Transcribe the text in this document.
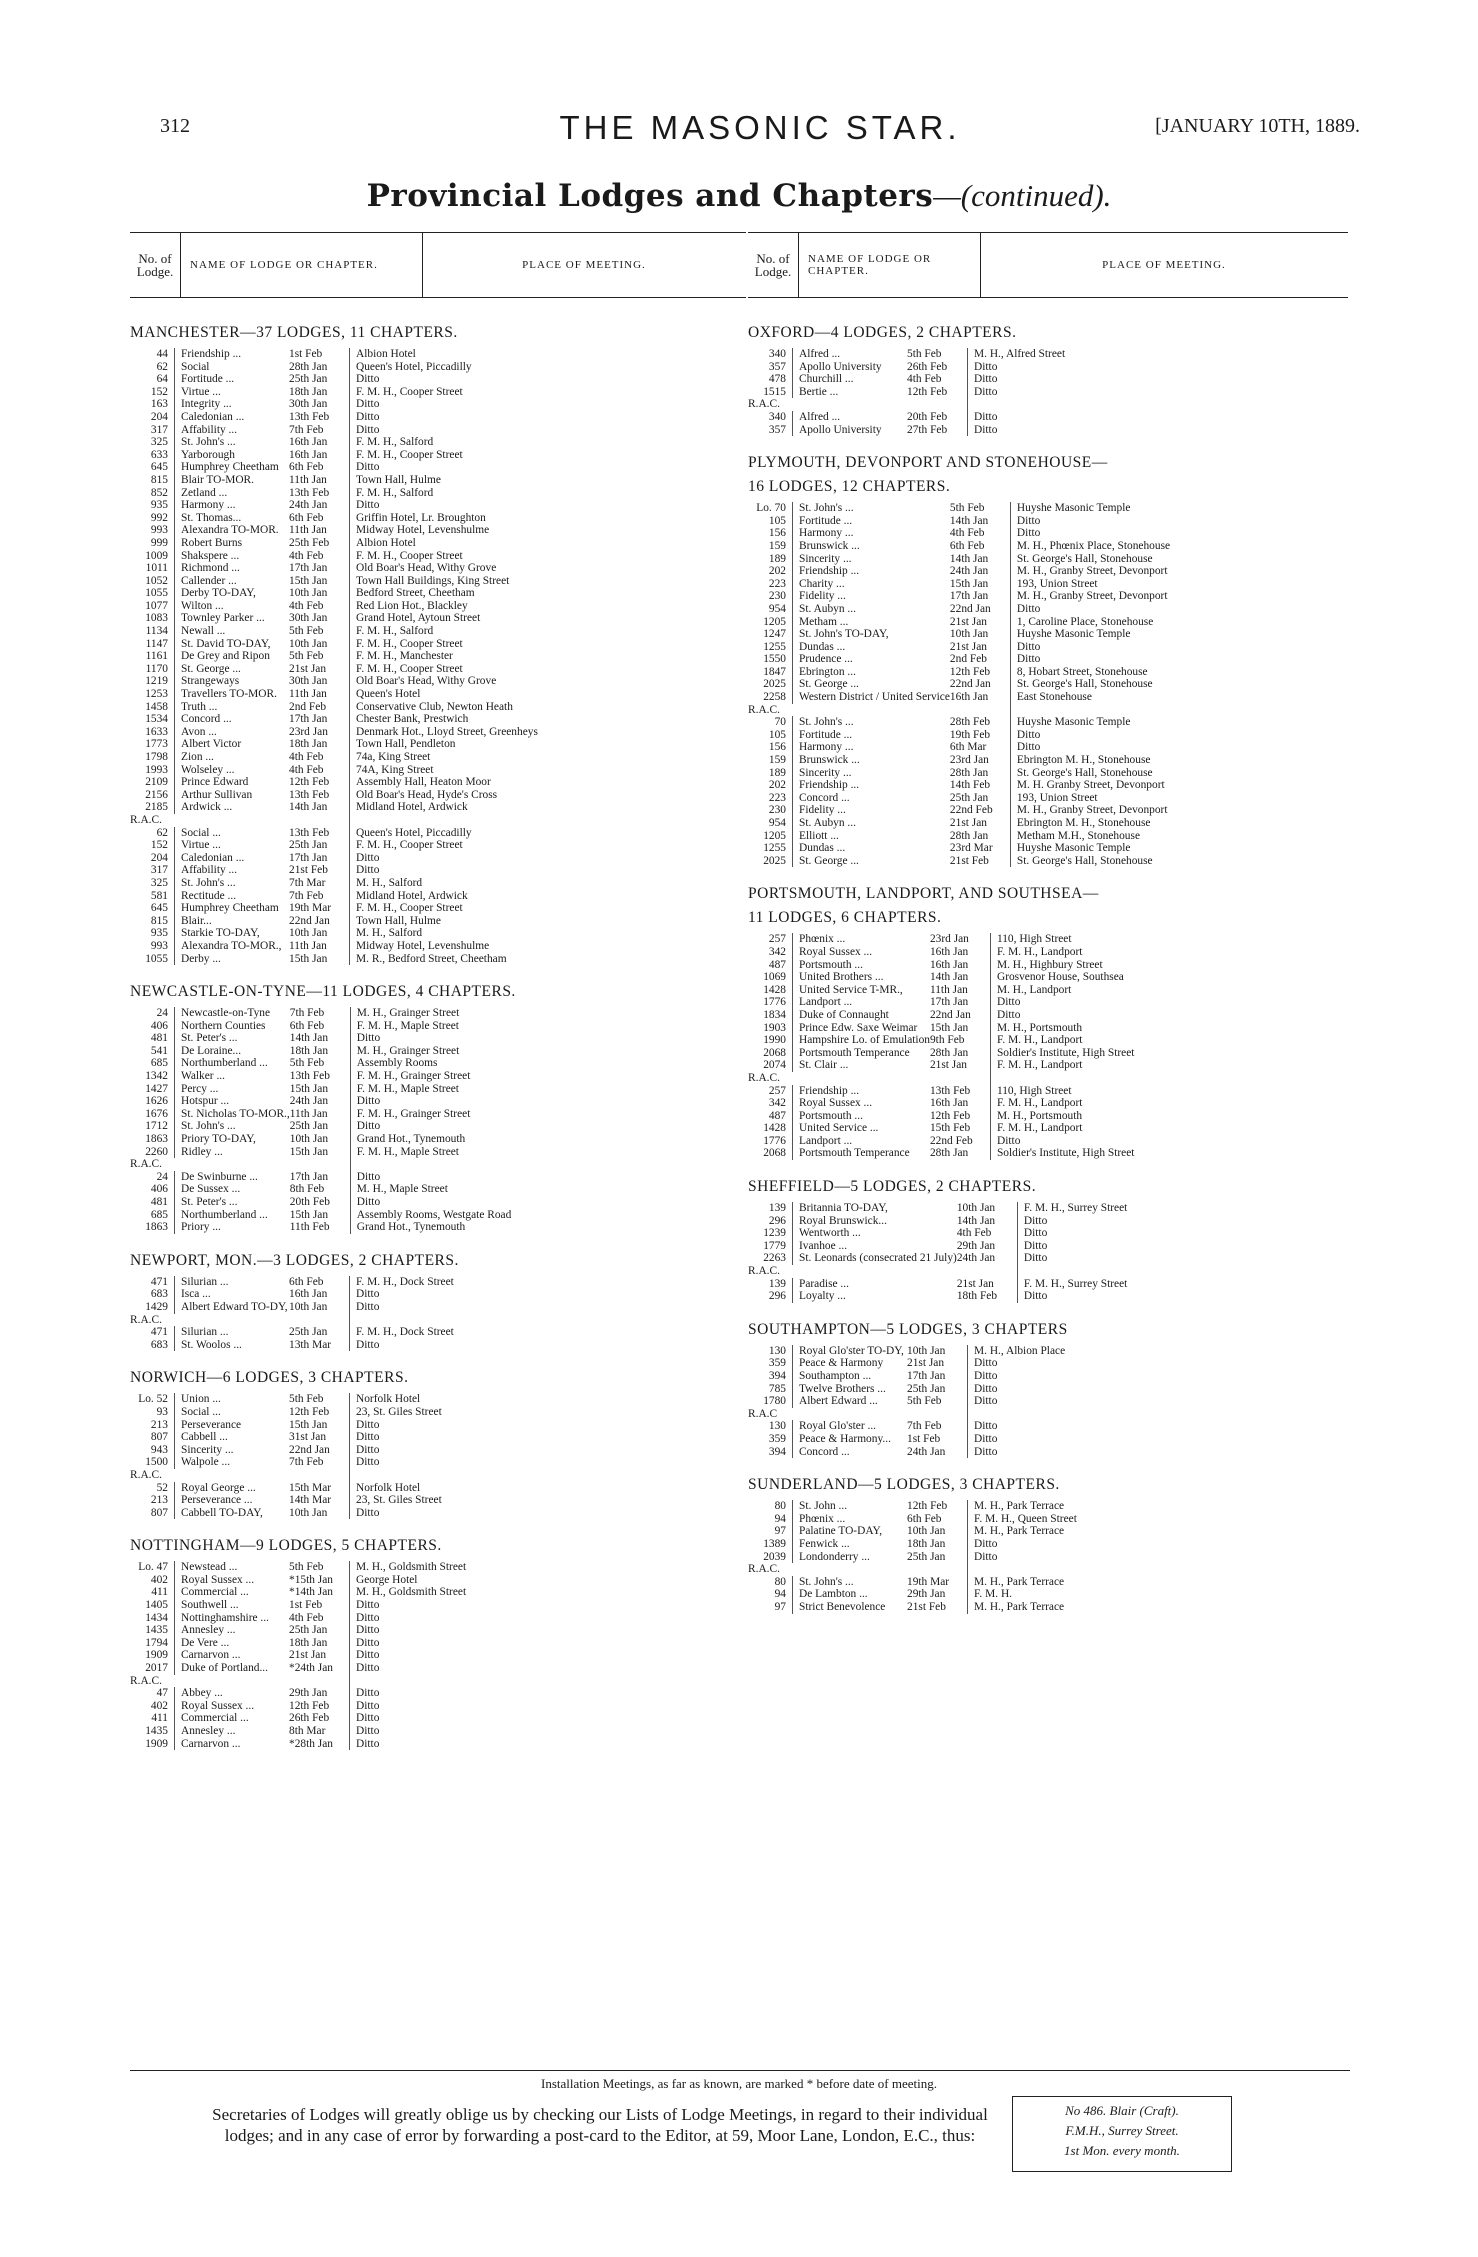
312	THE MASONIC STAR.	[JANUARY 10TH, 1889.
Provincial Lodges and Chapters—(continued).
No. of Lodge.	NAME OF LODGE OR CHAPTER.	PLACE OF MEETING.
MANCHESTER—37 LODGES, 11 CHAPTERS.
44	Friendship ...	1st Feb	Albion Hotel
62	Social	28th Jan	Queen's Hotel, Piccadilly
64	Fortitude ...	25th Jan	Ditto
152	Virtue ...	18th Jan	F. M. H., Cooper Street
163	Integrity ...	30th Jan	Ditto
204	Caledonian ...	13th Feb	Ditto
317	Affability ...	7th Feb	Ditto
325	St. John's ...	16th Jan	F. M. H., Salford
633	Yarborough	16th Jan	F. M. H., Cooper Street
645	Humphrey Cheetham	6th Feb	Ditto
815	Blair TO-MOR.	11th Jan	Town Hall, Hulme
852	Zetland ...	13th Feb	F. M. H., Salford
935	Harmony ...	24th Jan	Ditto
992	St. Thomas...	6th Feb	Griffin Hotel, Lr. Broughton
993	Alexandra TO-MOR.	11th Jan	Midway Hotel, Levenshulme
999	Robert Burns	25th Feb	Albion Hotel
1009	Shakspere ...	4th Feb	F. M. H., Cooper Street
1011	Richmond ...	17th Jan	Old Boar's Head, Withy Grove
1052	Callender ...	15th Jan	Town Hall Buildings, King Street
1055	Derby TO-DAY,	10th Jan	Bedford Street, Cheetham
1077	Wilton ...	4th Feb	Red Lion Hot., Blackley
1083	Townley Parker ...	30th Jan	Grand Hotel, Aytoun Street
1134	Newall ...	5th Feb	F. M. H., Salford
1147	St. David TO-DAY,	10th Jan	F. M. H., Cooper Street
1161	De Grey and Ripon	5th Feb	F. M. H., Manchester
1170	St. George ...	21st Jan	F. M. H., Cooper Street
1219	Strangeways	30th Jan	Old Boar's Head, Withy Grove
1253	Travellers TO-MOR.	11th Jan	Queen's Hotel
1458	Truth ...	2nd Feb	Conservative Club, Newton Heath
1534	Concord ...	17th Jan	Chester Bank, Prestwich
1633	Avon ...	23rd Jan	Denmark Hot., Lloyd Street, Greenheys
1773	Albert Victor	18th Jan	Town Hall, Pendleton
1798	Zion ...	4th Feb	74a, King Street
1993	Wolseley ...	4th Feb	74A, King Street
2109	Prince Edward	12th Feb	Assembly Hall, Heaton Moor
2156	Arthur Sullivan	13th Feb	Old Boar's Head, Hyde's Cross
2185	Ardwick ...	14th Jan	Midland Hotel, Ardwick
R.A.C.			
62	Social ...	13th Feb	Queen's Hotel, Piccadilly
152	Virtue ...	25th Jan	F. M. H., Cooper Street
204	Caledonian ...	17th Jan	Ditto
317	Affability ...	21st Feb	Ditto
325	St. John's ...	7th Mar	M. H., Salford
581	Rectitude ...	7th Feb	Midland Hotel, Ardwick
645	Humphrey Cheetham	19th Mar	F. M. H., Cooper Street
815	Blair...	22nd Jan	Town Hall, Hulme
935	Starkie TO-DAY,	10th Jan	M. H., Salford
993	Alexandra TO-MOR.,	11th Jan	Midway Hotel, Levenshulme
1055	Derby ...	15th Jan	M. R., Bedford Street, Cheetham
NEWCASTLE-ON-TYNE—11 LODGES, 4 CHAPTERS.
24	Newcastle-on-Tyne	7th Feb	M. H., Grainger Street
406	Northern Counties	6th Feb	F. M. H., Maple Street
481	St. Peter's ...	14th Jan	Ditto
541	De Loraine...	18th Jan	M. H., Grainger Street
685	Northumberland ...	5th Feb	Assembly Rooms
1342	Walker ...	13th Feb	F. M. H., Grainger Street
1427	Percy ...	15th Jan	F. M. H., Maple Street
1626	Hotspur ...	24th Jan	Ditto
1676	St. Nicholas TO-MOR.,	11th Jan	F. M. H., Grainger Street
1712	St. John's ...	25th Jan	Ditto
1863	Priory TO-DAY,	10th Jan	Grand Hot., Tynemouth
2260	Ridley ...	15th Jan	F. M. H., Maple Street
R.A.C.			
24	De Swinburne ...	17th Jan	Ditto
406	De Sussex ...	8th Feb	M. H., Maple Street
481	St. Peter's ...	20th Feb	Ditto
685	Northumberland ...	15th Jan	Assembly Rooms, Westgate Road
1863	Priory ...	11th Feb	Grand Hot., Tynemouth
NEWPORT, MON.—3 LODGES, 2 CHAPTERS.
471	Silurian ...	6th Feb	F. M. H., Dock Street
683	Isca ...	16th Jan	Ditto
1429	Albert Edward TO-DY,	10th Jan	Ditto
R.A.C.			
471	Silurian ...	25th Jan	F. M. H., Dock Street
683	St. Woolos ...	13th Mar	Ditto
NORWICH—6 LODGES, 3 CHAPTERS.
Lo. 52	Union ...	5th Feb	Norfolk Hotel
93	Social ...	12th Feb	23, St. Giles Street
213	Perseverance	15th Jan	Ditto
807	Cabbell ...	31st Jan	Ditto
943	Sincerity ...	22nd Jan	Ditto
1500	Walpole ...	7th Feb	Ditto
R.A.C.			
52	Royal George ...	15th Mar	Norfolk Hotel
213	Perseverance ...	14th Mar	23, St. Giles Street
807	Cabbell TO-DAY,	10th Jan	Ditto
NOTTINGHAM—9 LODGES, 5 CHAPTERS.
Lo. 47	Newstead ...	5th Feb	M. H., Goldsmith Street
402	Royal Sussex ...	*15th Jan	George Hotel
411	Commercial ...	*14th Jan	M. H., Goldsmith Street
1405	Southwell ...	1st Feb	Ditto
1434	Nottinghamshire ...	4th Feb	Ditto
1435	Annesley ...	25th Jan	Ditto
1794	De Vere ...	18th Jan	Ditto
1909	Carnarvon ...	21st Jan	Ditto
2017	Duke of Portland...	*24th Jan	Ditto
R.A.C.			
47	Abbey ...	29th Jan	Ditto
402	Royal Sussex ...	12th Feb	Ditto
411	Commercial ...	26th Feb	Ditto
1435	Annesley ...	8th Mar	Ditto
1909	Carnarvon ...	*28th Jan	Ditto
No. of Lodge.
NAME OF LODGE OR CHAPTER.	PLACE OF MEETING.
OXFORD—4 LODGES, 2 CHAPTERS.
340	Alfred ...	5th Feb	M. H., Alfred Street
357	Apollo University	26th Feb	Ditto
478	Churchill ...	4th Feb	Ditto
1515	Bertie ...	12th Feb	Ditto
R.A.C.			
340	Alfred ...	20th Feb	Ditto
357	Apollo University	27th Feb	Ditto
PLYMOUTH, DEVONPORT AND STONEHOUSE—
16 LODGES, 12 CHAPTERS.
Lo. 70	St. John's ...	5th Feb	Huyshe Masonic Temple
105	Fortitude ...	14th Jan	Ditto
156	Harmony ...	4th Feb	Ditto
159	Brunswick ...	6th Feb	M. H., Phœnix Place, Stonehouse
189	Sincerity ...	14th Jan	St. George's Hall, Stonehouse
202	Friendship ...	24th Jan	M. H., Granby Street, Devonport
223	Charity ...	15th Jan	193, Union Street
230	Fidelity ...	17th Jan	M. H., Granby Street, Devonport
954	St. Aubyn ...	22nd Jan	Ditto
1205	Metham ...	21st Jan	1, Caroline Place, Stonehouse
1247	St. John's TO-DAY,	10th Jan	Huyshe Masonic Temple
1255	Dundas ...	21st Jan	Ditto
1550	Prudence ...	2nd Feb	Ditto
1847	Ebrington ...	12th Feb	8, Hobart Street, Stonehouse
2025	St. George ...	22nd Jan	St. George's Hall, Stonehouse
2258	Western District / United Service	16th Jan	East Stonehouse
R.A.C.			
70	St. John's ...	28th Feb	Huyshe Masonic Temple
105	Fortitude ...	19th Feb	Ditto
156	Harmony ...	6th Mar	Ditto
159	Brunswick ...	23rd Jan	Ebrington M. H., Stonehouse
189	Sincerity ...	28th Jan	St. George's Hall, Stonehouse
202	Friendship ...	14th Feb	M. H. Granby Street, Devonport
223	Concord ...	25th Jan	193, Union Street
230	Fidelity ...	22nd Feb	M. H., Granby Street, Devonport
954	St. Aubyn ...	21st Jan	Ebrington M. H., Stonehouse
1205	Elliott ...	28th Jan	Metham M.H., Stonehouse
1255	Dundas ...	23rd Mar	Huyshe Masonic Temple
2025	St. George ...	21st Feb	St. George's Hall, Stonehouse
PORTSMOUTH, LANDPORT, AND SOUTHSEA—
11 LODGES, 6 CHAPTERS.
257	Phœnix ...	23rd Jan	110, High Street
342	Royal Sussex ...	16th Jan	F. M. H., Landport
487	Portsmouth ...	16th Jan	M. H., Highbury Street
1069	United Brothers ...	14th Jan	Grosvenor House, Southsea
1428	United Service T-MR.,	11th Jan	M. H., Landport
1776	Landport ...	17th Jan	Ditto
1834	Duke of Connaught	22nd Jan	Ditto
1903	Prince Edw. Saxe Weimar	15th Jan	M. H., Portsmouth
1990	Hampshire Lo. of Emulation	9th Feb	F. M. H., Landport
2068	Portsmouth Temperance	28th Jan	Soldier's Institute, High Street
2074	St. Clair ...	21st Jan	F. M. H., Landport
R.A.C.			
257	Friendship ...	13th Feb	110, High Street
342	Royal Sussex ...	16th Jan	F. M. H., Landport
487	Portsmouth ...	12th Feb	M. H., Portsmouth
1428	United Service ...	15th Feb	F. M. H., Landport
1776	Landport ...	22nd Feb	Ditto
2068	Portsmouth Temperance	28th Jan	Soldier's Institute, High Street
SHEFFIELD—5 LODGES, 2 CHAPTERS.
139	Britannia TO-DAY,	10th Jan	F. M. H., Surrey Street
296	Royal Brunswick...	14th Jan	Ditto
1239	Wentworth ...	4th Feb	Ditto
1779	Ivanhoe ...	29th Jan	Ditto
2263	St. Leonards (consecrated 21 July)	24th Jan	Ditto
R.A.C.			
139	Paradise ...	21st Jan	F. M. H., Surrey Street
296	Loyalty ...	18th Feb	Ditto
SOUTHAMPTON—5 LODGES, 3 CHAPTERS
130	Royal Glo'ster TO-DY,	10th Jan	M. H., Albion Place
359	Peace & Harmony	21st Jan	Ditto
394	Southampton ...	17th Jan	Ditto
785	Twelve Brothers ...	25th Jan	Ditto
1780	Albert Edward ...	5th Feb	Ditto
R.A.C			
130	Royal Glo'ster ...	7th Feb	Ditto
359	Peace & Harmony...	1st Feb	Ditto
394	Concord ...	24th Jan	Ditto
SUNDERLAND—5 LODGES, 3 CHAPTERS.
80	St. John ...	12th Feb	M. H., Park Terrace
94	Phœnix ...	6th Feb	F. M. H., Queen Street
97	Palatine TO-DAY,	10th Jan	M. H., Park Terrace
1389	Fenwick ...	18th Jan	Ditto
2039	Londonderry ...	25th Jan	Ditto
R.A.C.			
80	St. John's ...	19th Mar	M. H., Park Terrace
94	De Lambton ...	29th Jan	F. M. H.
97	Strict Benevolence	21st Feb	M. H., Park Terrace
Installation Meetings, as far as known, are marked * before date of meeting.
Secretaries of Lodges will greatly oblige us by checking our Lists of Lodge Meetings, in regard to their individual lodges; and in any case of error by forwarding a post-card to the Editor, at 59, Moor Lane, London, E.C., thus:
No 486. Blair (Craft).
F.M.H., Surrey Street.
1st Mon. every month.
